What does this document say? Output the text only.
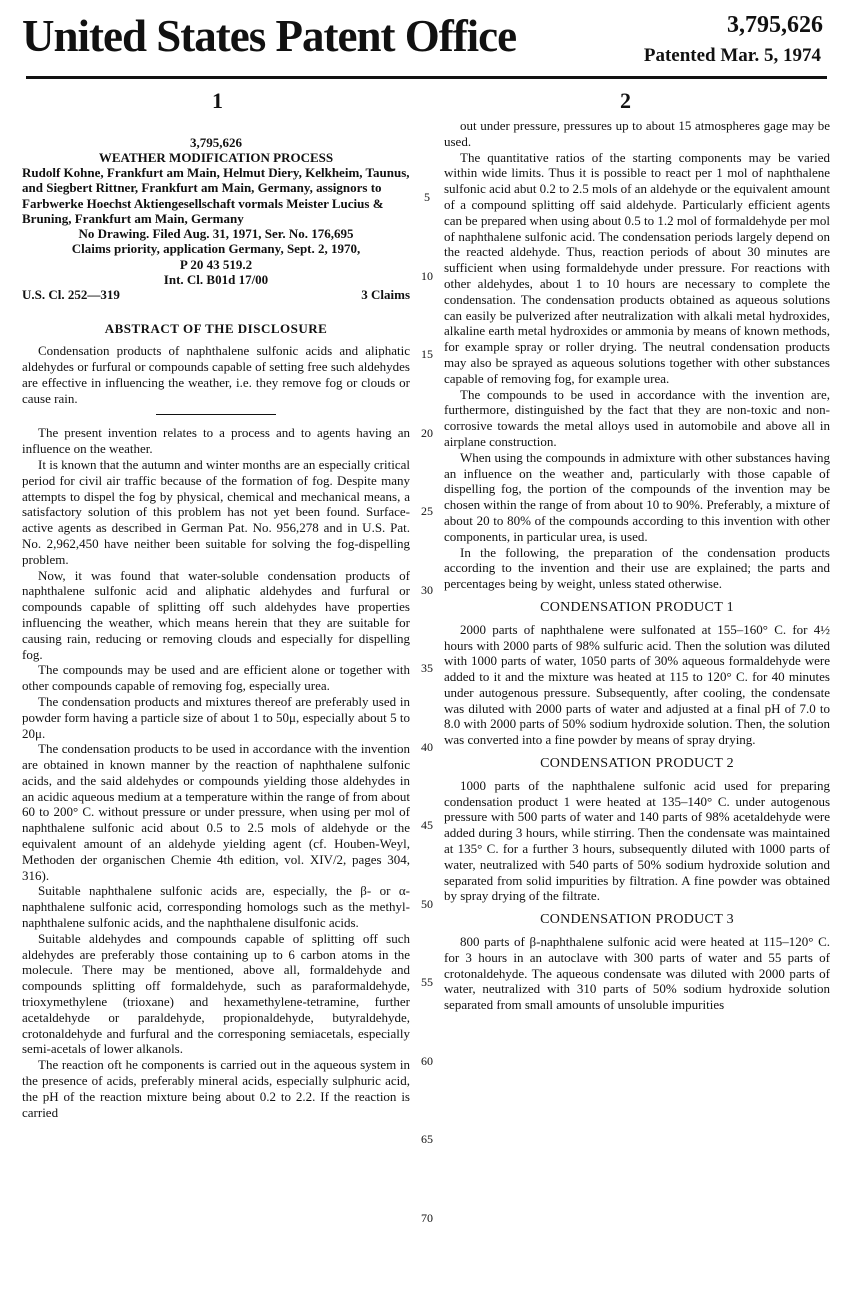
United States Patent Office	3,795,626
Patented Mar. 5, 1974
1	2

3,795,626

WEATHER MODIFICATION PROCESS

Rudolf Kohne, Frankfurt am Main, Helmut Diery, Kelkheim, Taunus, and Siegbert Rittner, Frankfurt am Main, Germany, assignors to Farbwerke Hoechst Aktiengesellschaft vormals Meister Lucius & Bruning, Frankfurt am Main, Germany

No Drawing. Filed Aug. 31, 1971, Ser. No. 176,695

Claims priority, application Germany, Sept. 2, 1970,

P 20 43 519.2

Int. Cl. B01d 17/00

U.S. Cl. 252—319	3 Claims
ABSTRACT OF THE DISCLOSURE

Condensation products of naphthalene sulfonic acids and aliphatic aldehydes or furfural or compounds capable of setting free such aldehydes are effective in influencing the weather, i.e. they remove fog or clouds or cause rain.

The present invention relates to a process and to agents having an influence on the weather.

It is known that the autumn and winter months are an especially critical period for civil air traffic because of the formation of fog. Despite many attempts to dispel the fog by physical, chemical and mechanical means, a satisfactory solution of this problem has not yet been found. Surface-active agents as described in German Pat. No. 956,278 and in U.S. Pat. No. 2,962,450 have neither been suitable for solving the fog-dispelling problem.

Now, it was found that water-soluble condensation products of naphthalene sulfonic acid and aliphatic aldehydes and furfural or compounds capable of splitting off such aldehydes have properties influencing the weather, which means herein that they are suitable for causing rain, reducing or removing clouds and especially for dispelling fog.

The compounds may be used and are efficient alone or together with other compounds capable of removing fog, especially urea.

The condensation products and mixtures thereof are preferably used in powder form having a particle size of about 1 to 50μ, especially about 5 to 20μ.

The condensation products to be used in accordance with the invention are obtained in known manner by the reaction of naphthalene sulfonic acids, and the said aldehydes or compounds yielding those aldehydes in an acidic aqueous medium at a temperature within the range of from about 60 to 200° C. without pressure or under pressure, when using per mol of naphthalene sulfonic acid about 0.5 to 2.5 mols of aldehyde or the equivalent amount of an aldehyde yielding agent (cf. Houben-Weyl, Methoden der organischen Chemie 4th edition, vol. XIV/2, pages 304, 316).

Suitable naphthalene sulfonic acids are, especially, the β- or α-naphthalene sulfonic acid, corresponding homologs such as the methyl-naphthalene sulfonic acids, and the naphthalene disulfonic acids.

Suitable aldehydes and compounds capable of splitting off such aldehydes are preferably those containing up to 6 carbon atoms in the molecule. There may be mentioned, above all, formaldehyde and compounds splitting off formaldehyde, such as paraformaldehyde, trioxymethylene (trioxane) and hexamethylene-tetramine, further acetaldehyde or paraldehyde, propionaldehyde, butyraldehyde, crotonaldehyde and furfural and the corresponing semiacetals, especially semi-acetals of lower alkanols.

The reaction oft he components is carried out in the aqueous system in the presence of acids, preferably mineral acids, especially sulphuric acid, the pH of the reaction mixture being about 0.2 to 2.2. If the reaction is carried

5
10
15
20
25
30
35
40
45
50
55
60
65
70

out under pressure, pressures up to about 15 atmospheres gage may be used.

The quantitative ratios of the starting components may be varied within wide limits. Thus it is possible to react per 1 mol of naphthalene sulfonic acid abut 0.2 to 2.5 mols of an aldehyde or the equivalent amount of a compound splitting off said aldehyde. Particularly efficient agents can be prepared when using about 0.5 to 1.2 mol of formaldehyde per mol of naphthalene sulfonic acid. The condensation periods largely depend on the reacted aldehyde. Thus, reaction periods of about 30 minutes are sufficient when using formaldehyde under pressure. For reactions with other aldehydes, about 1 to 10 hours are necessary to complete the condensation. The condensation products obtained as aqueous solutions can easily be pulverized after neutralization with alkali metal hydroxides, alkaline earth metal hydroxides or ammonia by means of known methods, for example spray or roller drying. The neutral condensation products may also be sprayed as aqueous solutions together with other substances capable of removing fog, for example urea.

The compounds to be used in accordance with the invention are, furthermore, distinguished by the fact that they are non-toxic and non-corrosive towards the metal alloys used in automobile and above all in airplane construction.

When using the compounds in admixture with other substances having an influence on the weather and, particularly with those capable of dispelling fog, the portion of the compounds of the invention may be chosen within the range of from about 10 to 90%. Preferably, a mixture of about 20 to 80% of the compounds according to this invention with other components, in particular urea, is used.

In the following, the preparation of the condensation products according to the invention and their use are explained; the parts and percentages being by weight, unless stated otherwise.

CONDENSATION PRODUCT 1

2000 parts of naphthalene were sulfonated at 155–160° C. for 4½ hours with 2000 parts of 98% sulfuric acid. Then the solution was diluted with 1000 parts of water, 1050 parts of 30% aqueous formaldehyde were added to it and the mixture was heated at 115 to 120° C. for 40 minutes under autogenous pressure. Subsequently, after cooling, the condensate was diluted with 2000 parts of water and adjusted at a final pH of 7.0 to 8.0 with 2000 parts of 50% sodium hydroxide solution. Then, the solution was converted into a fine powder by means of spray drying.

CONDENSATION PRODUCT 2

1000 parts of the naphthalene sulfonic acid used for preparing condensation product 1 were heated at 135–140° C. under autogenous pressure with 500 parts of water and 140 parts of 98% acetaldehyde were added during 3 hours, while stirring. Then the condensate was maintained at 135° C. for a further 3 hours, subsequently diluted with 1000 parts of water, neutralized with 540 parts of 50% sodium hydroxide solution and separated from solid impurities by filtration. A fine powder was obtained by spray drying of the filtrate.

CONDENSATION PRODUCT 3

800 parts of β-naphthalene sulfonic acid were heated at 115–120° C. for 3 hours in an autoclave with 300 parts of water and 55 parts of crotonaldehyde. The aqueous condensate was diluted with 2000 parts of water, neutralized with 310 parts of 50% sodium hydroxide solution separated from small amounts of unsoluble impurities
